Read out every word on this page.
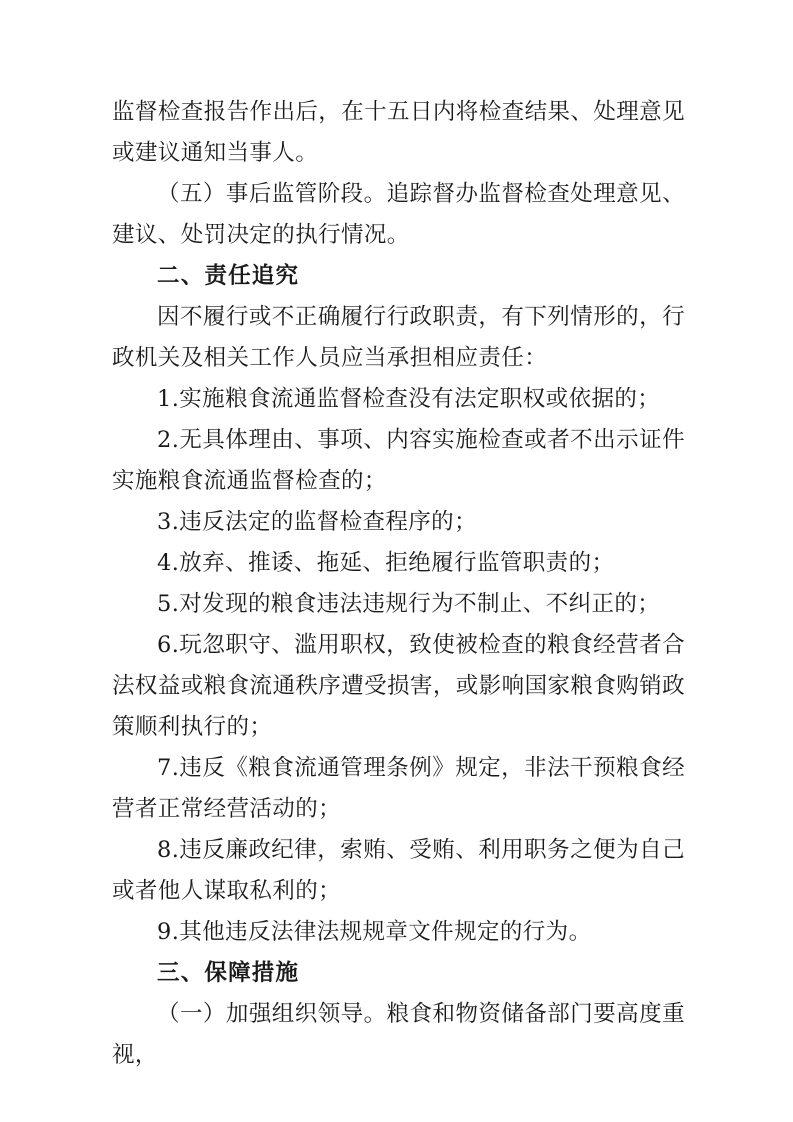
监督检查报告作出后，在十五日内将检查结果、处理意见或建议通知当事人。

（五）事后监管阶段。追踪督办监督检查处理意见、建议、处罚决定的执行情况。

二、责任追究

因不履行或不正确履行行政职责，有下列情形的，行政机关及相关工作人员应当承担相应责任：

1.实施粮食流通监督检查没有法定职权或依据的；

2.无具体理由、事项、内容实施检查或者不出示证件实施粮食流通监督检查的；

3.违反法定的监督检查程序的；

4.放弃、推诿、拖延、拒绝履行监管职责的；

5.对发现的粮食违法违规行为不制止、不纠正的；

6.玩忽职守、滥用职权，致使被检查的粮食经营者合法权益或粮食流通秩序遭受损害，或影响国家粮食购销政策顺利执行的；

7.违反《粮食流通管理条例》规定，非法干预粮食经营者正常经营活动的；

8.违反廉政纪律，索贿、受贿、利用职务之便为自己或者他人谋取私利的；

9.其他违反法律法规规章文件规定的行为。

三、保障措施

（一）加强组织领导。粮食和物资储备部门要高度重视，
